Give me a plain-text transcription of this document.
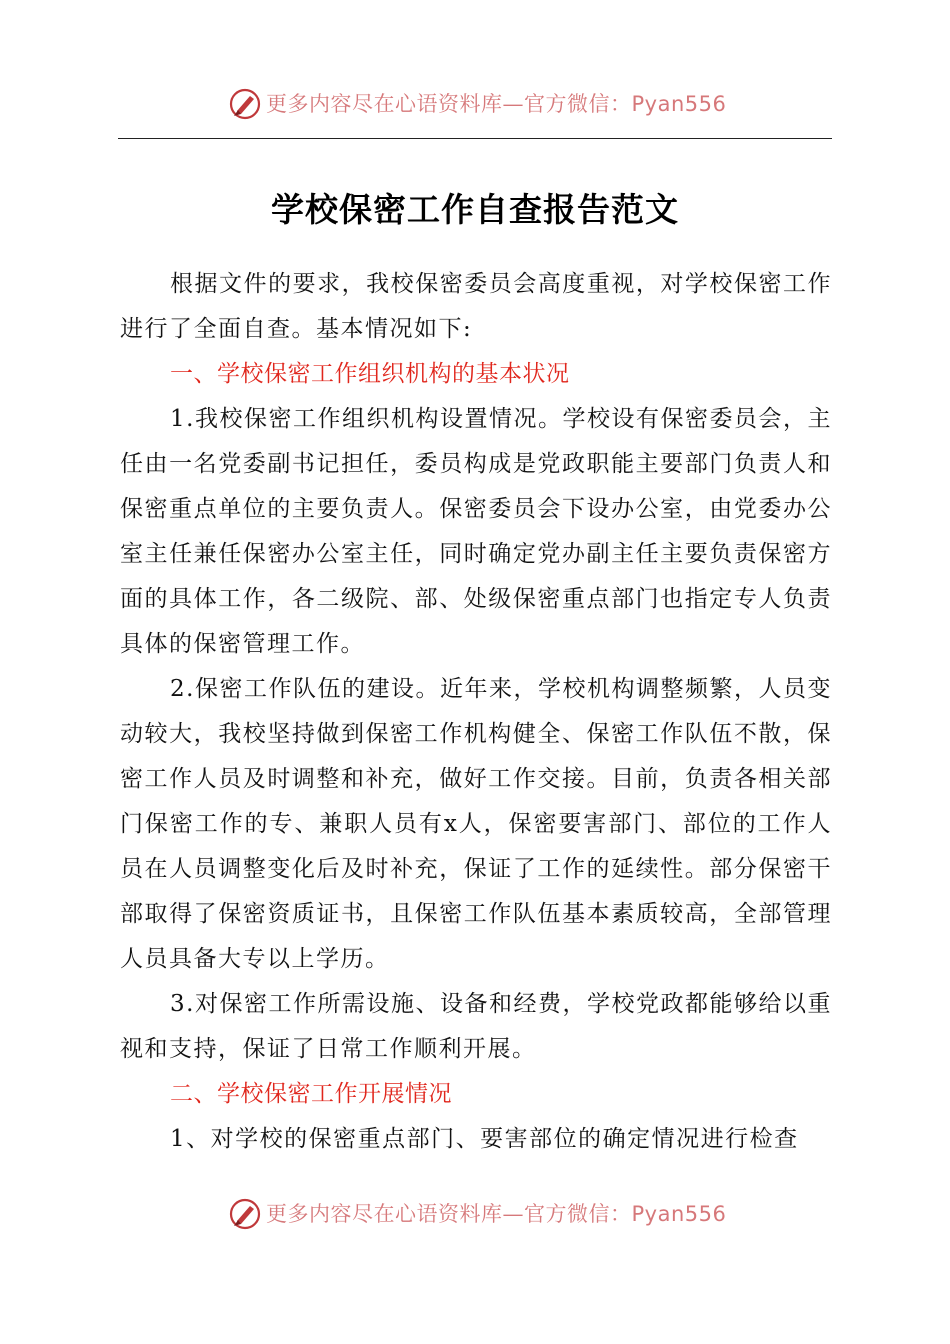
更多内容尽在心语资料库—官方微信：Pyan556
学校保密工作自查报告范文

根据文件的要求，我校保密委员会高度重视，对学校保密工作进行了全面自查。基本情况如下:

一、学校保密工作组织机构的基本状况

1.我校保密工作组织机构设置情况。学校设有保密委员会，主任由一名党委副书记担任，委员构成是党政职能主要部门负责人和保密重点单位的主要负责人。保密委员会下设办公室，由党委办公室主任兼任保密办公室主任，同时确定党办副主任主要负责保密方面的具体工作，各二级院、部、处级保密重点部门也指定专人负责具体的保密管理工作。

2.保密工作队伍的建设。近年来，学校机构调整频繁，人员变动较大，我校坚持做到保密工作机构健全、保密工作队伍不散，保密工作人员及时调整和补充，做好工作交接。目前，负责各相关部门保密工作的专、兼职人员有x人，保密要害部门、部位的工作人员在人员调整变化后及时补充，保证了工作的延续性。部分保密干部取得了保密资质证书，且保密工作队伍基本素质较高，全部管理人员具备大专以上学历。

3.对保密工作所需设施、设备和经费，学校党政都能够给以重视和支持，保证了日常工作顺利开展。

二、学校保密工作开展情况

1、对学校的保密重点部门、要害部位的确定情况进行检查

更多内容尽在心语资料库—官方微信：Pyan556
